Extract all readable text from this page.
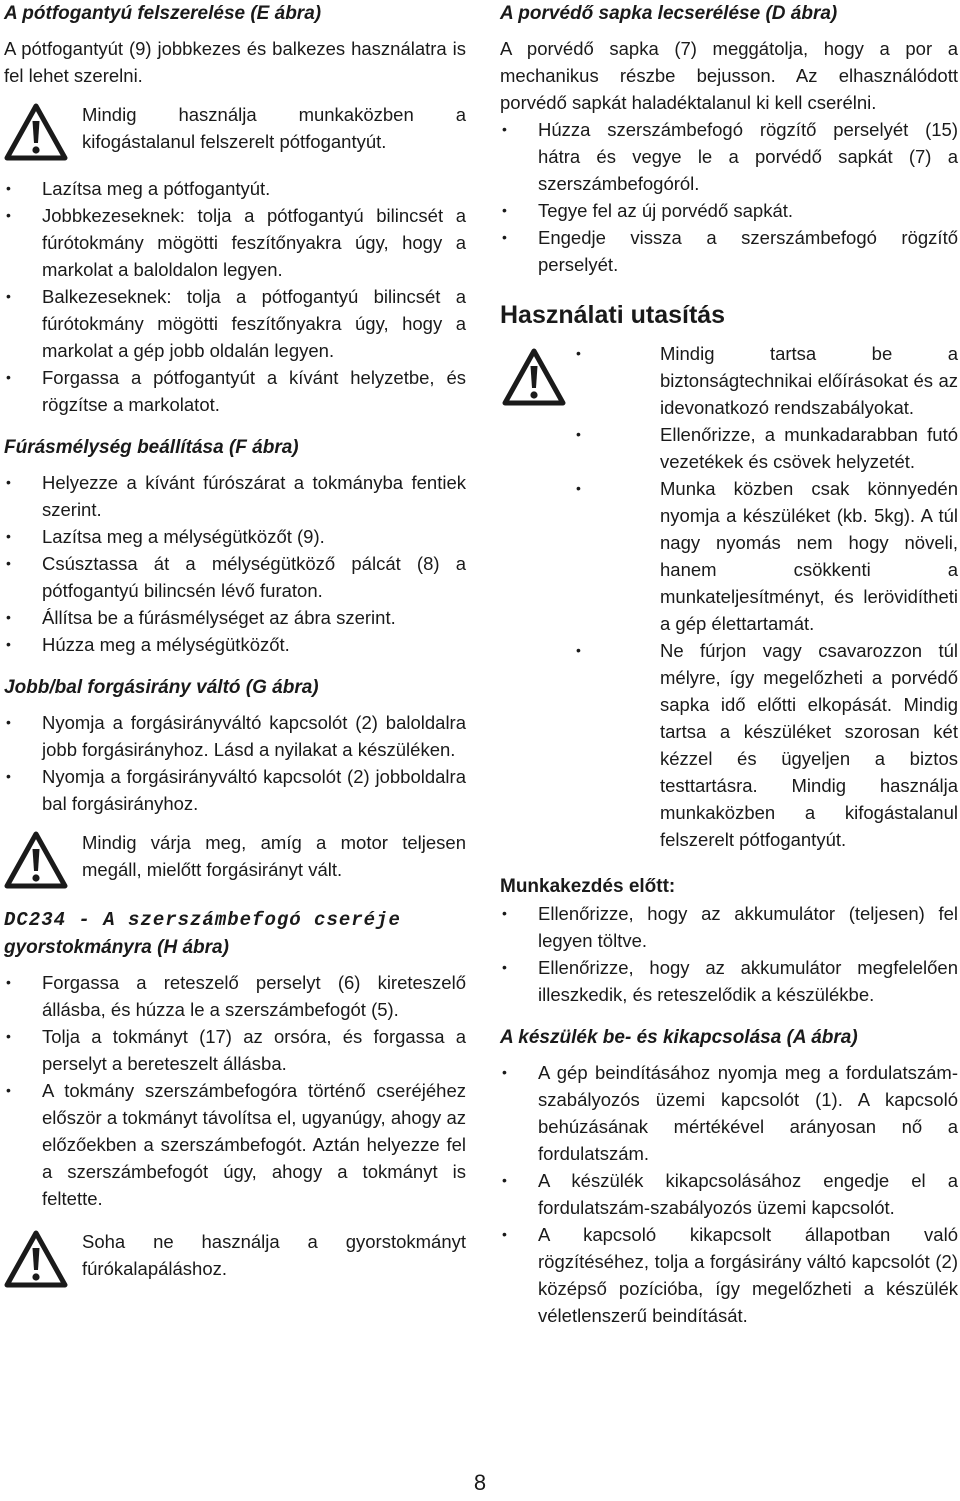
A pótfogantyú felszerelése (E ábra)

A pótfogantyút (9) jobbkezes és balkezes használatra is fel lehet szerelni.

Mindig használja munkaközben a kifogástalanul felszerelt pótfogantyút.

• Lazítsa meg a pótfogantyút.
• Jobbkezeseknek: tolja a pótfogantyú bilincsét a fúrótokmány mögötti feszítőnyakra úgy, hogy a markolat a baloldalon legyen.
• Balkezeseknek: tolja a pótfogantyú bilincsét a fúrótokmány mögötti feszítőnyakra úgy, hogy a markolat a gép jobb oldalán legyen.
• Forgassa a pótfogantyút a kívánt helyzetbe, és rögzítse a markolatot.
Fúrásmélység beállítása (F ábra)
• Helyezze a kívánt fúrószárat a tokmányba fentiek szerint.
• Lazítsa meg a mélységütközőt (9).
• Csúsztassa át a mélységütköző pálcát (8) a pótfogantyú bilincsén lévő furaton.
• Állítsa be a fúrásmélységet az ábra szerint.
• Húzza meg a mélységütközőt.
Jobb/bal forgásirány váltó (G ábra)
• Nyomja a forgásirányváltó kapcsolót (2) baloldalra jobb forgásirányhoz. Lásd a nyilakat a készüléken.
• Nyomja a forgásirányváltó kapcsolót (2) jobboldalra bal forgásirányhoz.

Mindig várja meg, amíg a motor teljesen megáll, mielőtt forgásirányt vált.

DC234 - A szerszámbefogó cseréje
gyorstokmányra (H ábra)
• Forgassa a reteszelő perselyt (6) kireteszelő állásba, és húzza le a szerszámbefogót (5).
• Tolja a tokmányt (17) az orsóra, és forgassa a perselyt a bereteszelt állásba.
• A tokmány szerszámbefogóra történő cseréjéhez először a tokmányt távolítsa el, ugyanúgy, ahogy az előzőekben a szerszámbefogót. Aztán helyezze fel a szerszámbefogót úgy, ahogy a tokmányt is feltette.

Soha ne használja a gyorstokmányt fúrókalapáláshoz.

A porvédő sapka lecserélése (D ábra)

A porvédő sapka (7) meggátolja, hogy a por a mechanikus részbe bejusson. Az elhasználódott porvédő sapkát haladéktalanul ki kell cserélni.

• Húzza szerszámbefogó rögzítő perselyét (15) hátra és vegye le a porvédő sapkát (7) a szerszámbefogóról.
• Tegye fel az új porvédő sapkát.
• Engedje vissza a szerszámbefogó rögzítő perselyét.
Használati utasítás
• Mindig tartsa be a biztonságtechnikai előírásokat és az idevonatkozó rendszabályokat.
• Ellenőrizze, a munkadarabban futó vezetékek és csövek helyzetét.
• Munka közben csak könnyedén nyomja a készüléket (kb. 5kg). A túl nagy nyomás nem hogy növeli, hanem csökkenti a munkateljesítményt, és lerövidítheti a gép élettartamát.
• Ne fúrjon vagy csavarozzon túl mélyre, így megelőzheti a porvédő sapka idő előtti elkopását. Mindig tartsa a készüléket szorosan két kézzel és ügyeljen a biztos testtartásra. Mindig használja munkaközben a kifogástalanul felszerelt pótfogantyút.
Munkakezdés előtt:
• Ellenőrizze, hogy az akkumulátor (teljesen) fel legyen töltve.
• Ellenőrizze, hogy az akkumulátor megfelelően illeszkedik, és reteszelődik a készülékbe.
A készülék be- és kikapcsolása (A ábra)
• A gép beindításához nyomja meg a fordulatszám-szabályozós üzemi kapcsolót (1). A kapcsoló behúzásának mértékével arányosan nő a fordulatszám.
• A készülék kikapcsolásához engedje el a fordulatszám-szabályozós üzemi kapcsolót.
• A kapcsoló kikapcsolt állapotban való rögzítéséhez, tolja a forgásirány váltó kapcsolót (2) középső pozícióba, így megelőzheti a készülék véletlenszerű beindítását.
8
